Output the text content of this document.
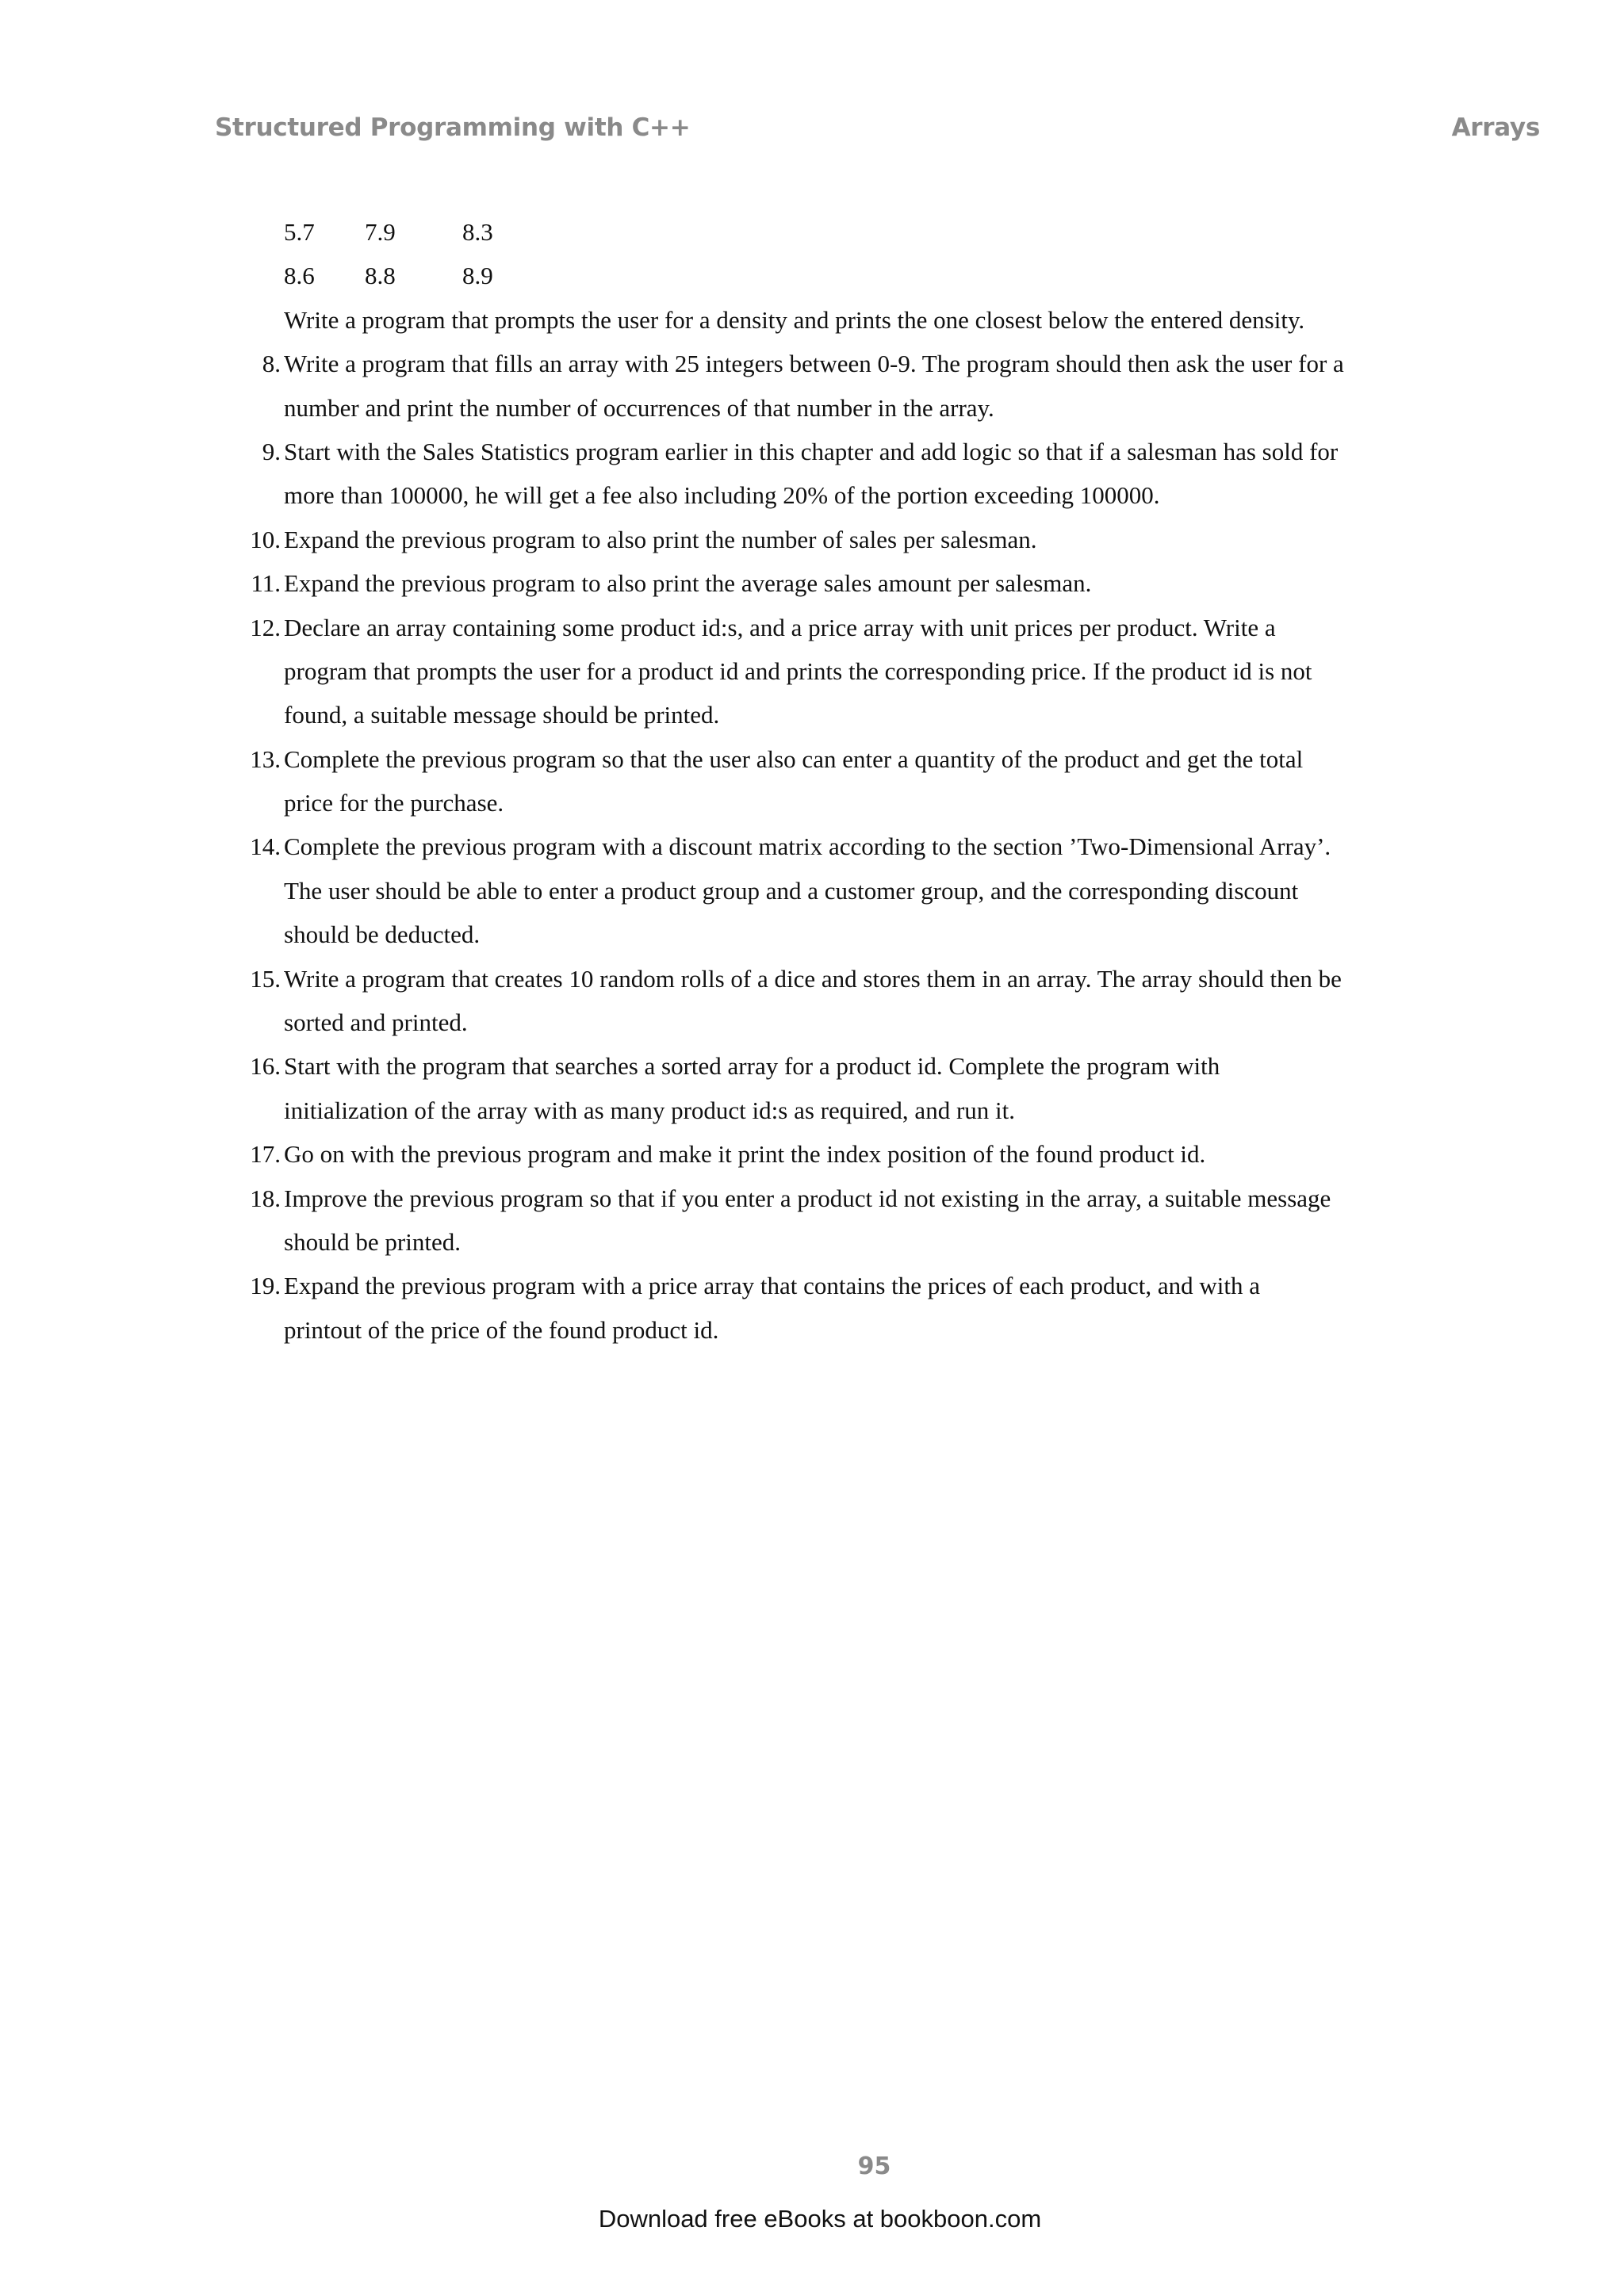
Structured Programming with C++	Arrays
5.7 7.9	8.3
8.6 8.8	8.9
Write a program that prompts the user for a density and prints the one closest below the entered density.
8. Write a program that fills an array with 25 integers between 0-9. The program should then ask the user for a
number and print the number of occurrences of that number in the array.
9. Start with the Sales Statistics program earlier in this chapter and add logic so that if a salesman has sold for
more than 100000, he will get a fee also including 20% of the portion exceeding 100000.
10. Expand the previous program to also print the number of sales per salesman.
11. Expand the previous program to also print the average sales amount per salesman.
12. Declare an array containing some product id:s, and a price array with unit prices per product. Write a
program that prompts the user for a product id and prints the corresponding price. If the product id is not
found, a suitable message should be printed.
13. Complete the previous program so that the user also can enter a quantity of the product and get the total
price for the purchase.
14. Complete the previous program with a discount matrix according to the section ’Two-Dimensional Array’.
The user should be able to enter a product group and a customer group, and the corresponding discount
should be deducted.
15. Write a program that creates 10 random rolls of a dice and stores them in an array. The array should then be
sorted and printed.
16. Start with the program that searches a sorted array for a product id. Complete the program with
initialization of the array with as many product id:s as required, and run it.
17. Go on with the previous program and make it print the index position of the found product id.
18. Improve the previous program so that if you enter a product id not existing in the array, a suitable message
should be printed.
19. Expand the previous program with a price array that contains the prices of each product, and with a
printout of the price of the found product id.
95
Download free eBooks at bookboon.com
